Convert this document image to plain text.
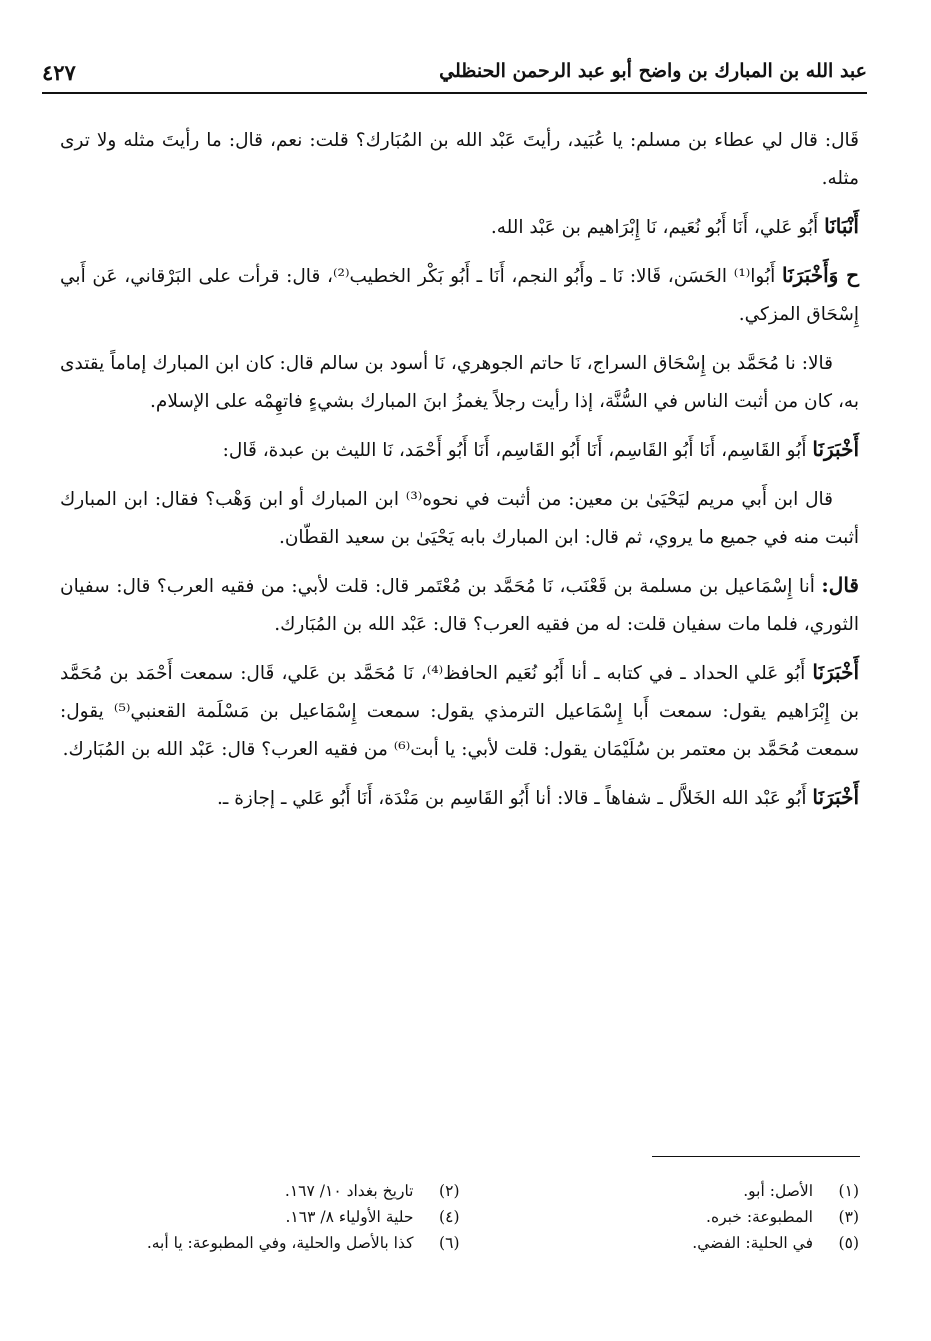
عبد الله بن المبارك بن واضح أبو عبد الرحمن الحنظلي
٤٢٧

قَال: قال لي عطاء بن مسلم: يا عُبَيد، رأيتَ عَبْد الله بن المُبَارك؟ قلت: نعم، قال: ما رأيتَ مثله ولا ترى مثله.

أَنْبَانَا أَبُو عَلي، أَنَا أَبُو نُعَيم، نَا إِبْرَاهيم بن عَبْد الله.

ح وَأَخْبَرَنَا أَبُوا⁽¹⁾ الحَسَن، قَالا: نَا ـ وأَبُو النجم، أَنَا ـ أَبُو بَكْر الخطيب⁽²⁾، قال: قرأت على البَرْقاني، عَن أَبي إِسْحَاق المزكي.

قالا: نا مُحَمَّد بن إِسْحَاق السراج، نَا حاتم الجوهري، نَا أسود بن سالم قال: كان ابن المبارك إماماً يقتدى به، كان من أثبت الناس في السُّنَّة، إذا رأيت رجلاً يغمزُ ابنَ المبارك بشيءٍ فاتهِمْه على الإسلام.

أَخْبَرَنَا أَبُو القَاسِم، أَنَا أَبُو القَاسِم، أَنَا أَبُو القَاسِم، أَنَا أَبُو أَحْمَد، نَا الليث بن عبدة، قَال:

قال ابن أَبي مريم ليَحْيَىٰ بن معين: من أثبت في نحوه⁽³⁾ ابن المبارك أو ابن وَهْب؟ فقال: ابن المبارك أثبت منه في جميع ما يروي، ثم قال: ابن المبارك بابه يَحْيَىٰ بن سعيد القطّان.

قال: أنا إِسْمَاعيل بن مسلمة بن قَعْنَب، نَا مُحَمَّد بن مُعْتَمر قال: قلت لأبي: من فقيه العرب؟ قال: سفيان الثوري، فلما مات سفيان قلت: له من فقيه العرب؟ قال: عَبْد الله بن المُبَارك.

أَخْبَرَنَا أَبُو عَلي الحداد ـ في كتابه ـ أنا أَبُو نُعَيم الحافظ⁽⁴⁾، نَا مُحَمَّد بن عَلي، قَال: سمعت أَحْمَد بن مُحَمَّد بن إِبْرَاهيم يقول: سمعت أَبا إِسْمَاعيل الترمذي يقول: سمعت إِسْمَاعيل بن مَسْلَمة القعنبي⁽⁵⁾ يقول: سمعت مُحَمَّد بن معتمر بن سُلَيْمَان يقول: قلت لأبي: يا أبت⁽⁶⁾ من فقيه العرب؟ قال: عَبْد الله بن المُبَارك.

أَخْبَرَنَا أَبُو عَبْد الله الخَلاَّل ـ شفاهاً ـ قالا: أنا أَبُو القَاسِم بن مَنْدَة، أَنَا أَبُو عَلي ـ إجازة ـ.

(١)
الأصل: أبو.
(٢)
تاريخ بغداد ١٠/ ١٦٧.
(٣)
المطبوعة: خبره.
(٤)
حلية الأولياء ٨/ ١٦٣.
(٥)
في الحلية: الفضي.
(٦)
كذا بالأصل والحلية، وفي المطبوعة: يا أبه.
